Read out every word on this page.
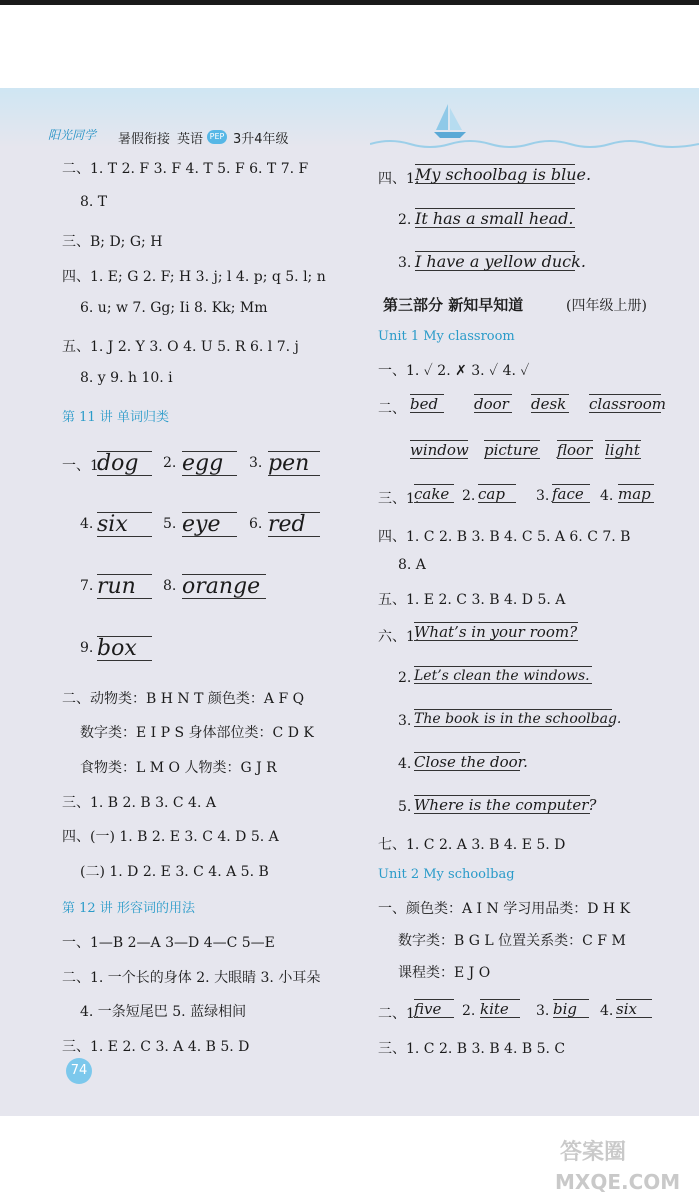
阳光同学 暑假衔接 英语 PEP 3升4年级
二、1. T 2. F 3. F 4. T 5. F 6. T 7. F
8. T
三、B; D; G; H
四、1. E; G 2. F; H 3. j; l 4. p; q 5. l; n
6. u; w 7. Gg; Ii 8. Kk; Mm
五、1. J 2. Y 3. O 4. U 5. R 6. l 7. j
8. y 9. h 10. i
第 11 讲 单词归类
一、1.
dog	2. egg	3. pen
4. six	5. eye	6. red
7. run	8. orange
9. box
二、动物类：B H N T 颜色类：A F Q
数字类：E I P S 身体部位类：C D K
食物类：L M O 人物类：G J R
三、1. B 2. B 3. C 4. A
四、(一) 1. B 2. E 3. C 4. D 5. A
(二) 1. D 2. E 3. C 4. A 5. B
第 12 讲 形容词的用法
一、1—B 2—A 3—D 4—C 5—E
二、1. 一个长的身体 2. 大眼睛 3. 小耳朵
4. 一条短尾巴 5. 蓝绿相间
三、1. E 2. C 3. A 4. B 5. D
四、1.
My schoolbag is blue.
2. It has a small head.
3. I have a yellow duck.
第三部分 新知早知道	(四年级上册)
Unit 1 My classroom
一、1. ✓ 2. ✗ 3. ✓ 4. ✓
二、 bed	door desk classroom
window picture floor light
三、1.
cake 2. cap	3. face	4. map
四、1. C 2. B 3. B 4. C 5. A 6. C 7. B
8. A
五、1. E 2. C 3. B 4. D 5. A
六、1.
What’s in your room?
2. Let’s clean the windows.
3. The book is in the schoolbag.
4. Close the door.
5. Where is the computer?
七、1. C 2. A 3. B 4. E 5. D
Unit 2 My schoolbag
一、颜色类：A I N 学习用品类：D H K
数字类：B G L 位置关系类：C F M
课程类：E J O
二、1.
five	2. kite	3. big	4. six
三、1. C 2. B 3. B 4. B 5. C
74
答案圈
MXQE.COM
